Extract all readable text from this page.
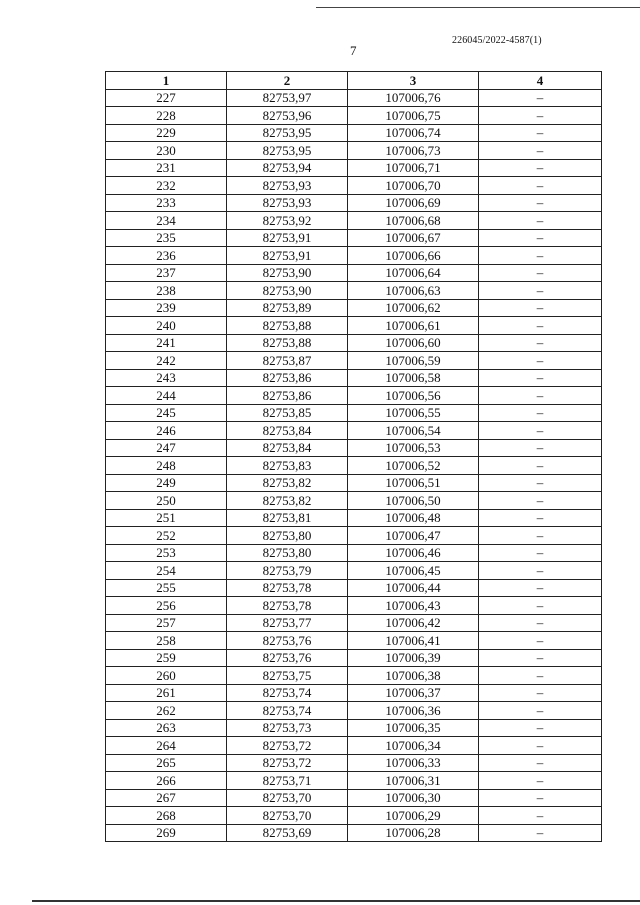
226045/2022-4587(1)
7
1	2	3	4
227	82753,97	107006,76	–
228	82753,96	107006,75	–
229	82753,95	107006,74	–
230	82753,95	107006,73	–
231	82753,94	107006,71	–
232	82753,93	107006,70	–
233	82753,93	107006,69	–
234	82753,92	107006,68	–
235	82753,91	107006,67	–
236	82753,91	107006,66	–
237	82753,90	107006,64	–
238	82753,90	107006,63	–
239	82753,89	107006,62	–
240	82753,88	107006,61	–
241	82753,88	107006,60	–
242	82753,87	107006,59	–
243	82753,86	107006,58	–
244	82753,86	107006,56	–
245	82753,85	107006,55	–
246	82753,84	107006,54	–
247	82753,84	107006,53	–
248	82753,83	107006,52	–
249	82753,82	107006,51	–
250	82753,82	107006,50	–
251	82753,81	107006,48	–
252	82753,80	107006,47	–
253	82753,80	107006,46	–
254	82753,79	107006,45	–
255	82753,78	107006,44	–
256	82753,78	107006,43	–
257	82753,77	107006,42	–
258	82753,76	107006,41	–
259	82753,76	107006,39	–
260	82753,75	107006,38	–
261	82753,74	107006,37	–
262	82753,74	107006,36	–
263	82753,73	107006,35	–
264	82753,72	107006,34	–
265	82753,72	107006,33	–
266	82753,71	107006,31	–
267	82753,70	107006,30	–
268	82753,70	107006,29	–
269	82753,69	107006,28	–
